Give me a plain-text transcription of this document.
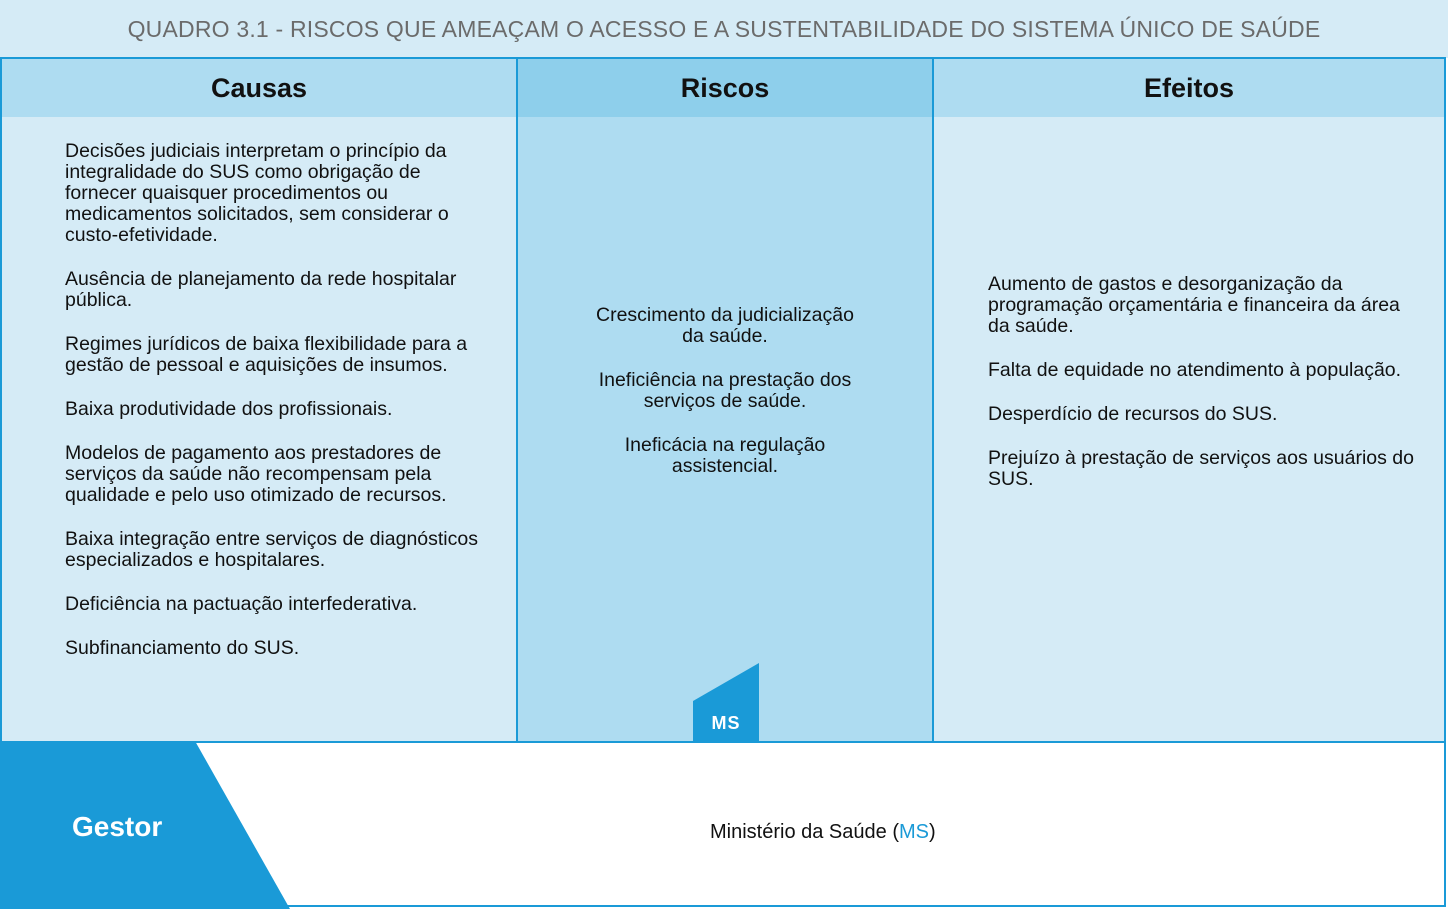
QUADRO 3.1 - RISCOS QUE AMEAÇAM O ACESSO E A SUSTENTABILIDADE DO SISTEMA ÚNICO DE SAÚDE
Causas

Decisões judiciais interpretam o princípio da integralidade do SUS como obrigação de fornecer quaisquer procedimentos ou medicamentos solicitados, sem considerar o custo-efetividade.

Ausência de planejamento da rede hospitalar pública.

Regimes jurídicos de baixa flexibilidade para a gestão de pessoal e aquisições de insumos.

Baixa produtividade dos profissionais.

Modelos de pagamento aos prestadores de serviços da saúde não recompensam pela qualidade e pelo uso otimizado de recursos.

Baixa integração entre serviços de diagnósticos especializados e hospitalares.

Deficiência na pactuação interfederativa.

Subfinanciamento do SUS.

Riscos

Crescimento da judicialização da saúde.

Ineficiência na prestação dos serviços de saúde.

Ineficácia na regulação assistencial.

MS
Efeitos

Aumento de gastos e desorganização da programação orçamentária e financeira da área da saúde.

Falta de equidade no atendimento à população.

Desperdício de recursos do SUS.

Prejuízo à prestação de serviços aos usuários do SUS.

Gestor	Ministério da Saúde (MS)
